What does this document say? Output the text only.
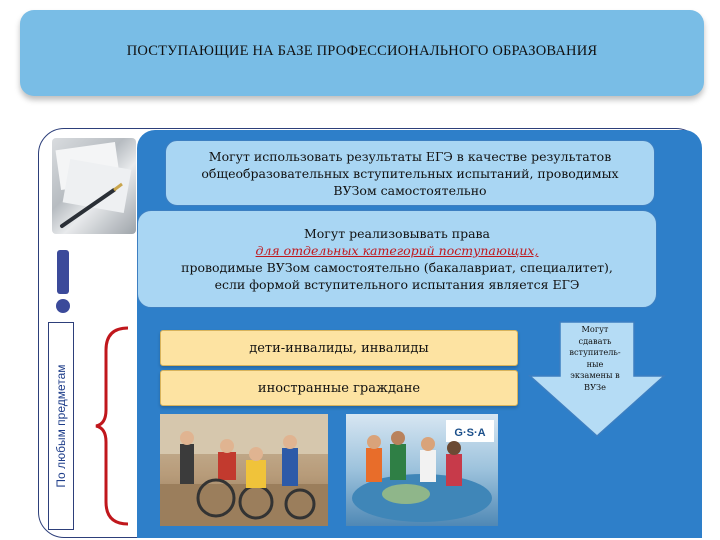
ПОСТУПАЮЩИЕ НА БАЗЕ ПРОФЕССИОНАЛЬНОГО ОБРАЗОВАНИЯ
Могут использовать результаты ЕГЭ в качестве результатов
общеобразовательных вступительных испытаний, проводимых
ВУЗом самостоятельно
Могут реализовывать права
для отдельных категорий поступающих,
проводимые ВУЗом самостоятельно (бакалавриат, специалитет),
если формой вступительного испытания является ЕГЭ
По любым предметам
дети-инвалиды, инвалиды
иностранные граждане
Могут
сдавать
вступитель-
ные
экзамены в
ВУЗе
G·S·A
